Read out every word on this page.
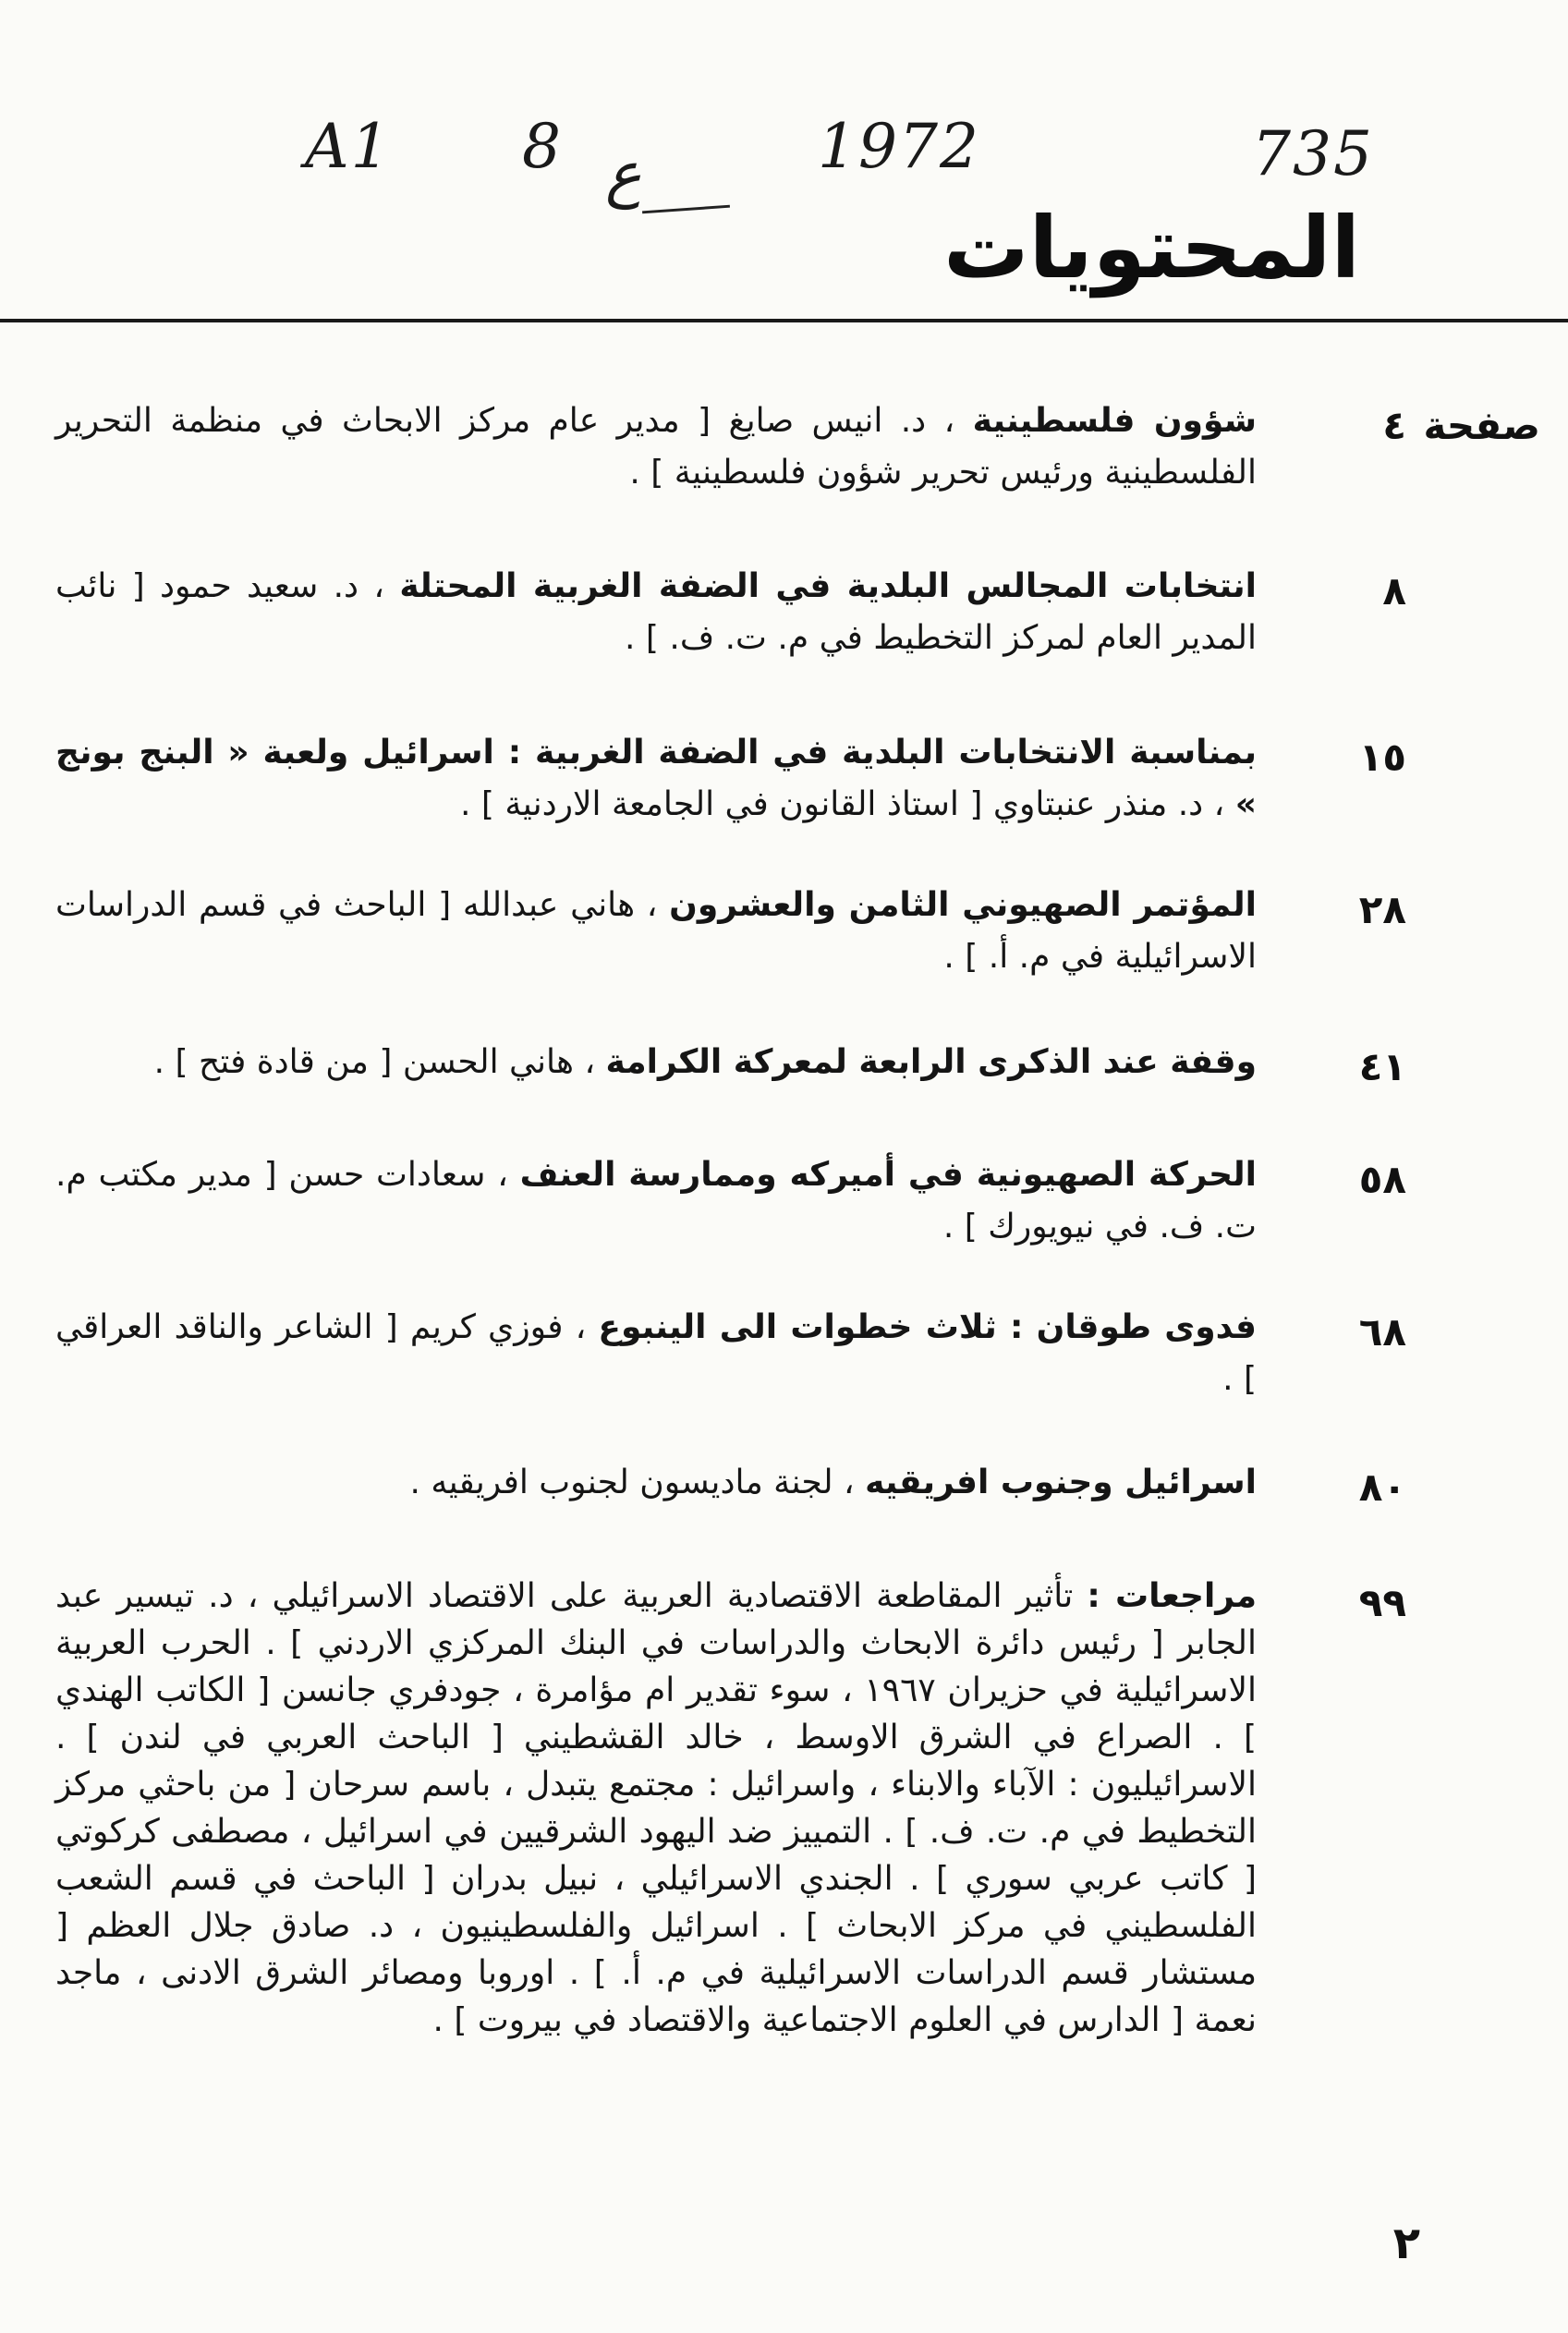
A1 8 ع	1972	735
المحتويات
صفحة
٤
شؤون فلسطينية ، د. انيس صايغ [ مدير عام مركز الابحاث في منظمة التحرير الفلسطينية ورئيس تحرير شؤون فلسطينية ] .
٨
انتخابات المجالس البلدية في الضفة الغربية المحتلة ، د. سعيد حمود [ نائب المدير العام لمركز التخطيط في م. ت. ف. ] .
١٥
بمناسبة الانتخابات البلدية في الضفة الغربية : اسرائيل ولعبة « البنج بونج » ، د. منذر عنبتاوي [ استاذ القانون في الجامعة الاردنية ] .
٢٨
المؤتمر الصهيوني الثامن والعشرون ، هاني عبدالله [ الباحث في قسم الدراسات الاسرائيلية في م. أ. ] .
٤١
وقفة عند الذكرى الرابعة لمعركة الكرامة ، هاني الحسن [ من قادة فتح ] .
٥٨
الحركة الصهيونية في أميركه وممارسة العنف ، سعادات حسن [ مدير مكتب م. ت. ف. في نيويورك ] .
٦٨
فدوى طوقان : ثلاث خطوات الى الينبوع ، فوزي كريم [ الشاعر والناقد العراقي ] .
٨٠
اسرائيل وجنوب افريقيه ، لجنة ماديسون لجنوب افريقيه .
٩٩
مراجعات : تأثير المقاطعة الاقتصادية العربية على الاقتصاد الاسرائيلي ، د. تيسير عبد الجابر [ رئيس دائرة الابحاث والدراسات في البنك المركزي الاردني ] . الحرب العربية الاسرائيلية في حزيران ١٩٦٧ ، سوء تقدير ام مؤامرة ، جودفري جانسن [ الكاتب الهندي ] . الصراع في الشرق الاوسط ، خالد القشطيني [ الباحث العربي في لندن ] . الاسرائيليون : الآباء والابناء ، واسرائيل : مجتمع يتبدل ، باسم سرحان [ من باحثي مركز التخطيط في م. ت. ف. ] . التمييز ضد اليهود الشرقيين في اسرائيل ، مصطفى كركوتي [ كاتب عربي سوري ] . الجندي الاسرائيلي ، نبيل بدران [ الباحث في قسم الشعب الفلسطيني في مركز الابحاث ] . اسرائيل والفلسطينيون ، د. صادق جلال العظم [ مستشار قسم الدراسات الاسرائيلية في م. أ. ] . اوروبا ومصائر الشرق الادنى ، ماجد نعمة [ الدارس في العلوم الاجتماعية والاقتصاد في بيروت ] .
٢
